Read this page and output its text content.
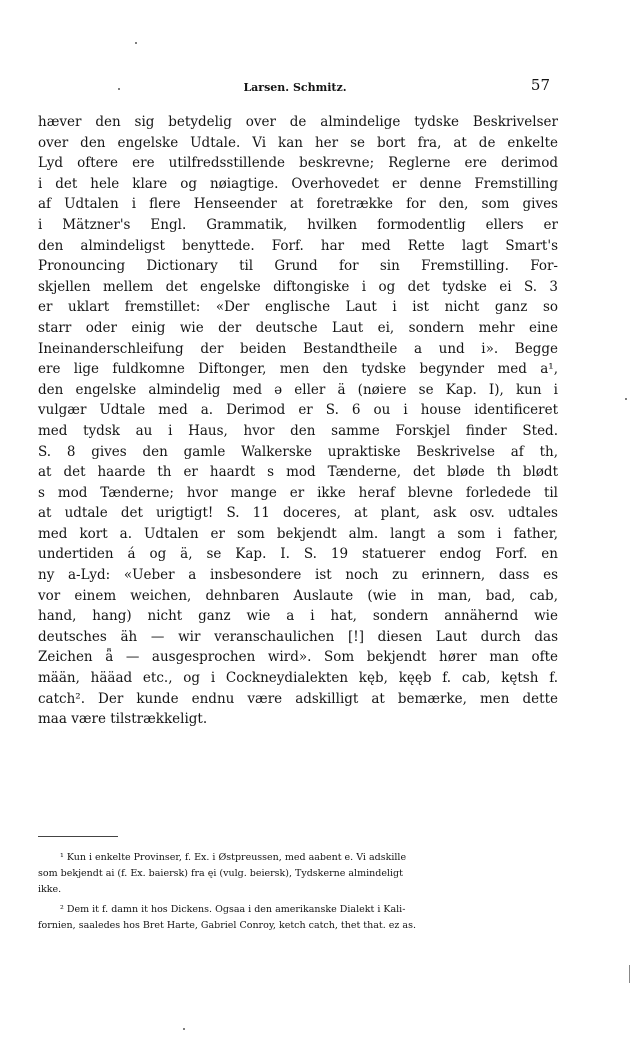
Larsen. Schmitz.	57
hæver den sig betydelig over de almindelige tydske Beskrivelser
over den engelske Udtale. Vi kan her se bort fra, at de enkelte
Lyd oftere ere utilfredsstillende beskrevne; Reglerne ere derimod
i det hele klare og nøiagtige. Overhovedet er denne Fremstilling
af Udtalen i flere Henseender at foretrække for den, som gives
i Mätzner's Engl. Grammatik, hvilken formodentlig ellers er
den almindeligst benyttede. Forf. har med Rette lagt Smart's
Pronouncing Dictionary til Grund for sin Fremstilling. For-
skjellen mellem det engelske diftongiske i og det tydske ei S. 3
er uklart fremstillet: «Der englische Laut i ist nicht ganz so
starr oder einig wie der deutsche Laut ei, sondern mehr eine
Ineinanderschleifung der beiden Bestandtheile a und i». Begge
ere lige fuldkomne Diftonger, men den tydske begynder med a¹,
den engelske almindelig med ə eller ä (nøiere se Kap. I), kun i
vulgær Udtale med a. Derimod er S. 6 ou i house identificeret
med tydsk au i Haus, hvor den samme Forskjel finder Sted.
S. 8 gives den gamle Walkerske upraktiske Beskrivelse af th,
at det haarde th er haardt s mod Tænderne, det bløde th blødt
s mod Tænderne; hvor mange er ikke heraf blevne forledede til
at udtale det urigtigt! S. 11 doceres, at plant, ask osv. udtales
med kort a. Udtalen er som bekjendt alm. langt a som i father,
undertiden á og ä, se Kap. I. S. 19 statuerer endog Forf. en
ny a-Lyd: «Ueber a insbesondere ist noch zu erinnern, dass es
vor einem weichen, dehnbaren Auslaute (wie in man, bad, cab,
hand, hang) nicht ganz wie a i hat, sondern annähernd wie
deutsches äh — wir veranschaulichen [!] diesen Laut durch das
Zeichen ǟ — ausgesprochen wird». Som bekjendt hører man ofte
mään, hääad etc., og i Cockneydialekten kęb, kęęb f. cab, kętsh f.
catch². Der kunde endnu være adskilligt at bemærke, men dette
maa være tilstrækkeligt.
¹ Kun i enkelte Provinser, f. Ex. i Østpreussen, med aabent e. Vi adskille
som bekjendt ai (f. Ex. baiersk) fra ęi (vulg. beiersk), Tydskerne almindeligt
ikke.
² Dem it f. damn it hos Dickens. Ogsaa i den amerikanske Dialekt i Kali-
fornien, saaledes hos Bret Harte, Gabriel Conroy, ketch catch, thet that. ez as.
